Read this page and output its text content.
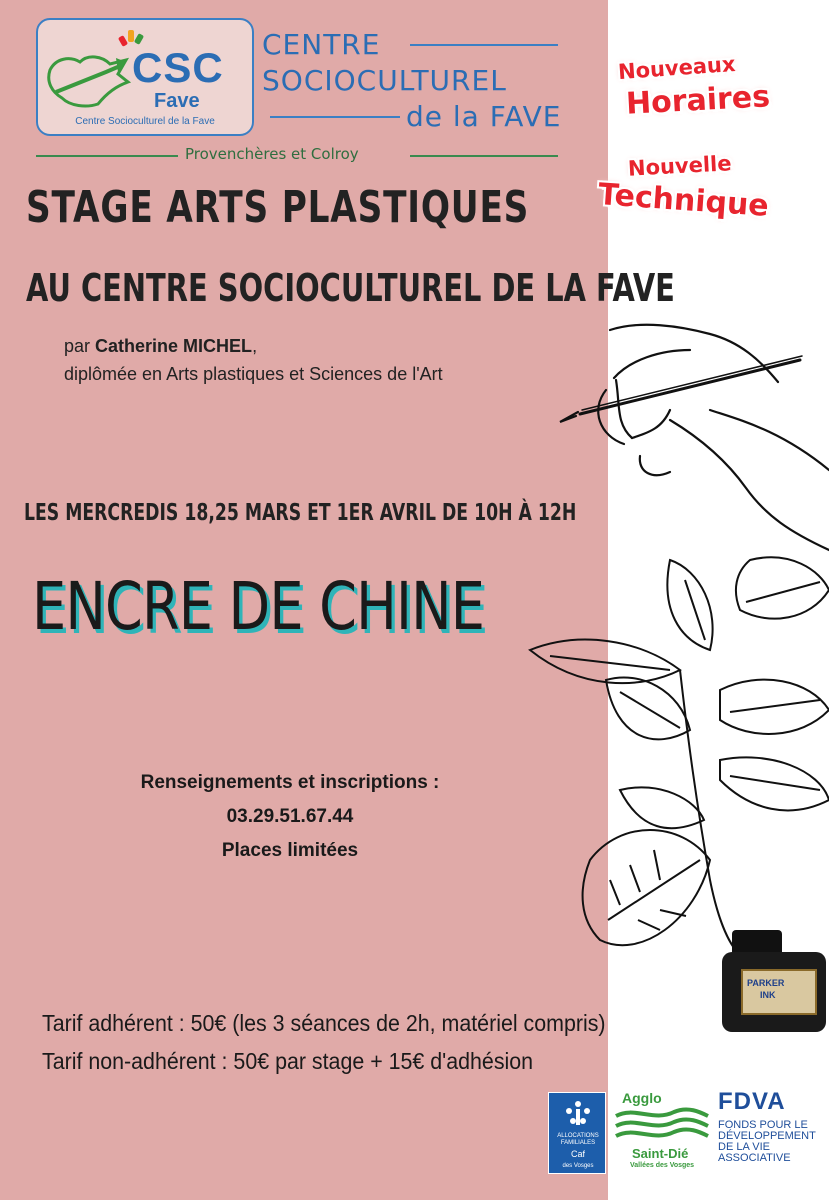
CSC
Fave
Centre Socioculturel de la Fave
CENTRE
SOCIOCULTUREL
de la FAVE
Provenchères et Colroy
Nouveaux
Horaires
Nouvelle
Technique
STAGE ARTS PLASTIQUES
AU CENTRE SOCIOCULTUREL DE LA FAVE
par Catherine MICHEL,
diplômée en Arts plastiques et Sciences de l'Art
LES MERCREDIS 18,25 MARS ET 1ER AVRIL DE 10H À 12H
ENCRE DE CHINE
PARKER
INK
Renseignements et inscriptions :
03.29.51.67.44
Places limitées
Tarif adhérent : 50€ (les 3 séances de 2h, matériel compris)
Tarif non-adhérent : 50€ par stage + 15€ d'adhésion
ALLOCATIONS
FAMILIALES
Caf
des Vosges
Agglo
Saint-Dié
Vallées des Vosges
FDVA
FONDS POUR LE
DÉVELOPPEMENT
DE LA VIE
ASSOCIATIVE
